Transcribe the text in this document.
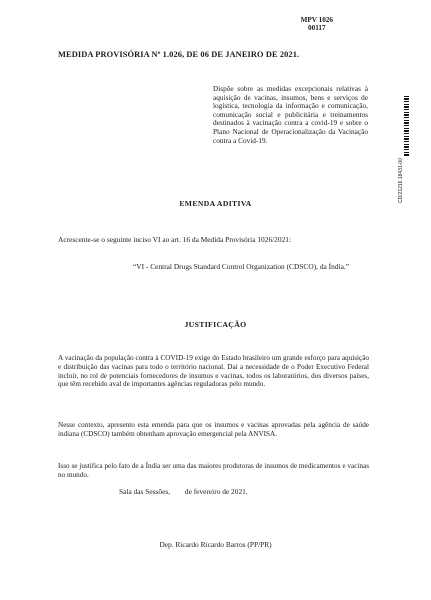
MPV 1026
00117
MEDIDA PROVISÓRIA Nº 1.026, DE 06 DE JANEIRO DE 2021.
Dispõe sobre as medidas excepcionais relativas à aquisição de vacinas, insumos, bens e serviços de logística, tecnologia da informação e comunicação, comunicação social e publicitária e treinamentos destinados à vacinação contra a covid-19 e sobre o Plano Nacional de Operacionalização da Vacinação contra a Covid-19.
CD/21216.18431-00
EMENDA ADITIVA
Acrescente-se o seguinte inciso VI ao art. 16 da Medida Provisória 1026/2021:
“VI - Central Drugs Standard Control Organization (CDSCO), da Índia.”
JUSTIFICAÇÃO

A vacinação da população contra à COVID-19 exige do Estado brasileiro um grande esforço para aquisição e distribuição das vacinas para todo o território nacional. Daí a necessidade de o Poder Executivo Federal incluir, no rol de potenciais fornecedores de insumos e vacinas, todos os laboratórios, dos diversos países, que têm recebido aval de importantes agências reguladoras pelo mundo.

Nesse contexto, apresento esta emenda para que os insumos e vacinas aprovadas pela agência de saúde indiana (CDSCO) também obtenham aprovação emergencial pela ANVISA.

Isso se justifica pelo fato de a Índia ser uma das maiores produtoras de insumos de medicamentos e vacinas no mundo.

Sala das Sessões,        de fevereiro de 2021.
Dep. Ricardo Ricardo Barros (PP/PR)
